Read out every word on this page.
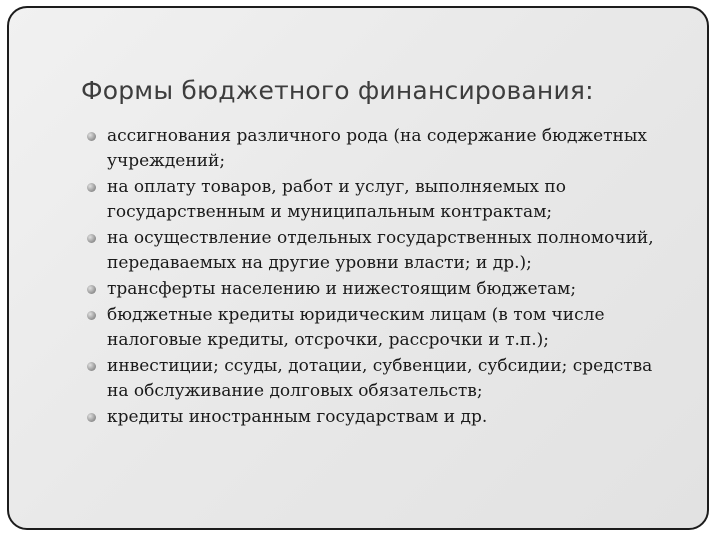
Формы бюджетного финансирования:
ассигнования различного рода (на содержание бюджетных учреждений;
на оплату товаров, работ и услуг, выполняемых по государственным и муниципальным контрактам;
на осуществление отдельных государственных полномочий, передаваемых на другие уровни власти; и др.);
трансферты населению и нижестоящим бюджетам;
бюджетные кредиты юридическим лицам (в том числе налоговые кредиты, отсрочки, рассрочки и т.п.);
инвестиции; ссуды, дотации, субвенции, субсидии; средства на обслуживание долговых обязательств;
кредиты иностранным государствам и др.
